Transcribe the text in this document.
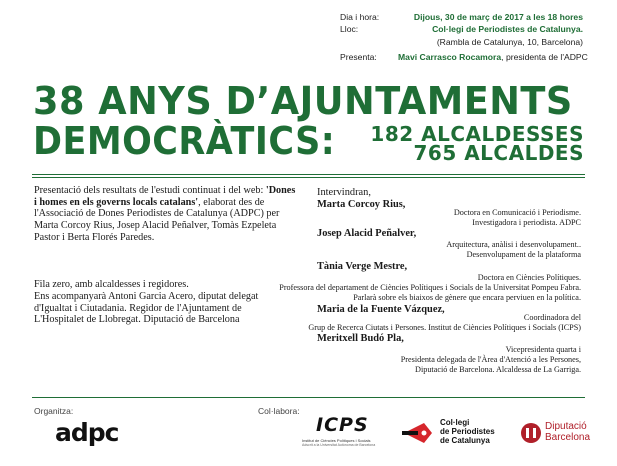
Dia i hora:	Dijous, 30 de març de 2017 a les 18 hores
Lloc:	Col·legi de Periodistes de Catalunya.
(Rambla de Catalunya, 10, Barcelona)
Presenta: Mavi Carrasco Rocamora, presidenta de l'ADPC
38 ANYS D’AJUNTAMENTS
DEMOCRÀTICS: 182 ALCALDESSES
765 ALCALDES
Presentació dels resultats de l'estudi continuat i del web: 'Dones i homes en els governs locals catalans', elaborat des de l'Associació de Dones Periodistes de Catalunya (ADPC) per Marta Corcoy Rius, Josep Alacid Peñalver, Tomàs Ezpeleta Pastor i Berta Florés Paredes.
Fila zero, amb alcaldesses i regidores.
Ens acompanyarà Antoni Garcia Acero, diputat delegat d'Igualtat i Ciutadania. Regidor de l'Ajuntament de L'Hospitalet de Llobregat. Diputació de Barcelona
Intervindran,
Marta Corcoy Rius,
Doctora en Comunicació i Periodisme.
Investigadora i periodista. ADPC
Josep Alacid Peñalver,
Arquitectura, anàlisi i desenvolupament..
Desenvolupament de la plataforma
Tània Verge Mestre,
Doctora en Ciències Polítiques.
Professora del departament de Ciències Polítiques i Socials de la Universitat Pompeu Fabra.
Parlarà sobre els biaixos de gènere que encara perviuen en la política.
Maria de la Fuente Vázquez,
Coordinadora del
Grup de Recerca Ciutats i Persones. Institut de Ciències Polítiques i Socials (ICPS)
Meritxell Budó Pla,
Vicepresidenta quarta i
Presidenta delegada de l'Àrea d'Atenció a les Persones,
Diputació de Barcelona. Alcaldessa de La Garriga.
Organitza:	Col·labora:
adpc	ICPS
Institut de Ciències Polítiques i Socials
Adscrit a la Universitat Autònoma de Barcelona
Col·legi
de Periodistes
de Catalunya
Diputació
Barcelona
